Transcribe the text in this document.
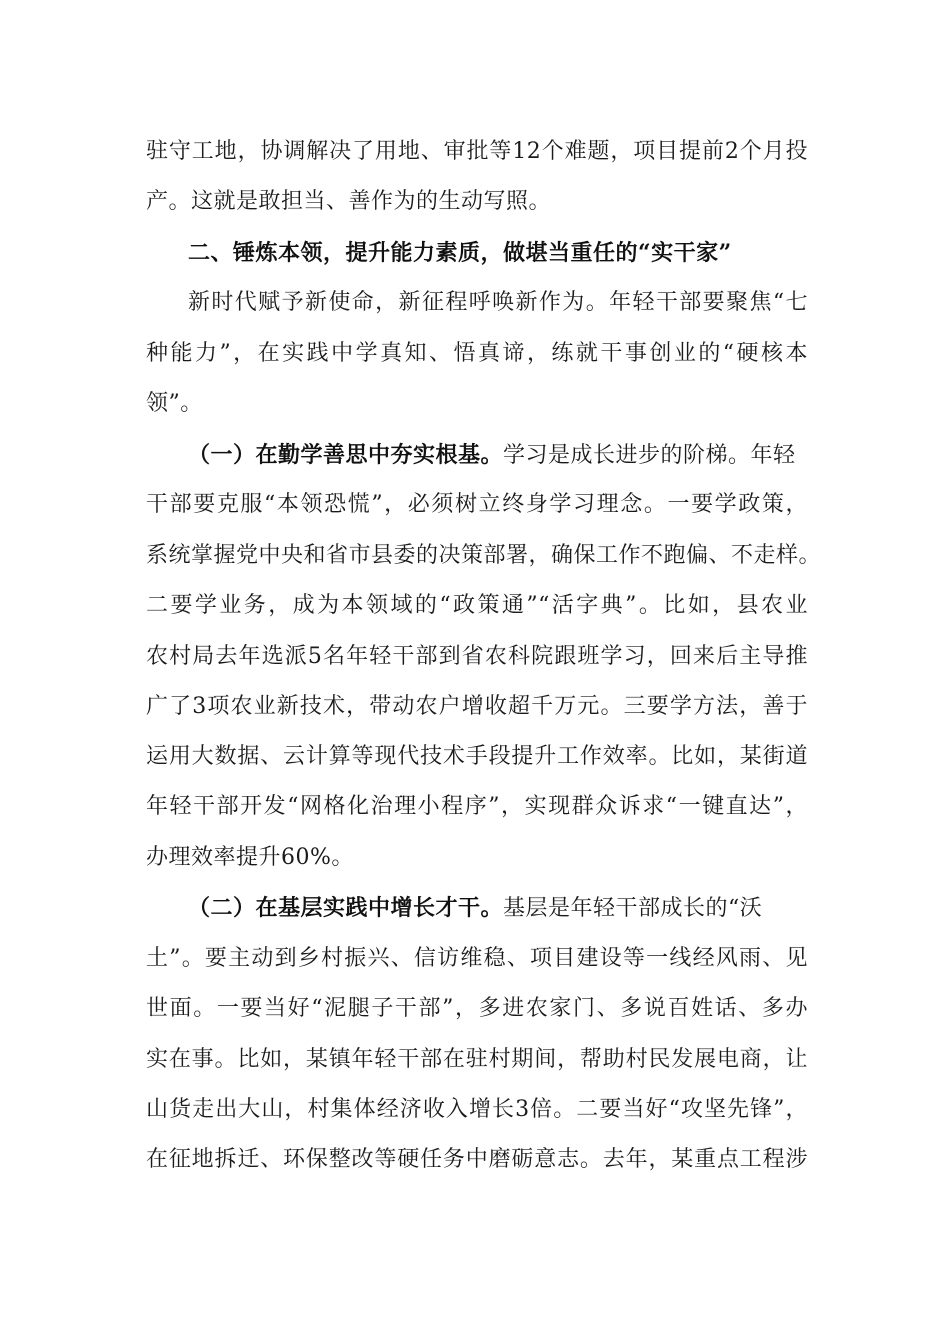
驻守工地，协调解决了用地、审批等12个难题，项目提前2个月投
产。这就是敢担当、善作为的生动写照。
二、锤炼本领，提升能力素质，做堪当重任的“实干家”
新时代赋予新使命，新征程呼唤新作为。年轻干部要聚焦“七
种能力”，在实践中学真知、悟真谛，练就干事创业的“硬核本
领”。
（一）在勤学善思中夯实根基。学习是成长进步的阶梯。年轻
干部要克服“本领恐慌”，必须树立终身学习理念。一要学政策，
系统掌握党中央和省市县委的决策部署，确保工作不跑偏、不走样。
二要学业务，成为本领域的“政策通”“活字典”。比如，县农业
农村局去年选派5名年轻干部到省农科院跟班学习，回来后主导推
广了3项农业新技术，带动农户增收超千万元。三要学方法，善于
运用大数据、云计算等现代技术手段提升工作效率。比如，某街道
年轻干部开发“网格化治理小程序”，实现群众诉求“一键直达”，
办理效率提升60%。
（二）在基层实践中增长才干。基层是年轻干部成长的“沃
土”。要主动到乡村振兴、信访维稳、项目建设等一线经风雨、见
世面。一要当好“泥腿子干部”，多进农家门、多说百姓话、多办
实在事。比如，某镇年轻干部在驻村期间，帮助村民发展电商，让
山货走出大山，村集体经济收入增长3倍。二要当好“攻坚先锋”，
在征地拆迁、环保整改等硬任务中磨砺意志。去年，某重点工程涉
